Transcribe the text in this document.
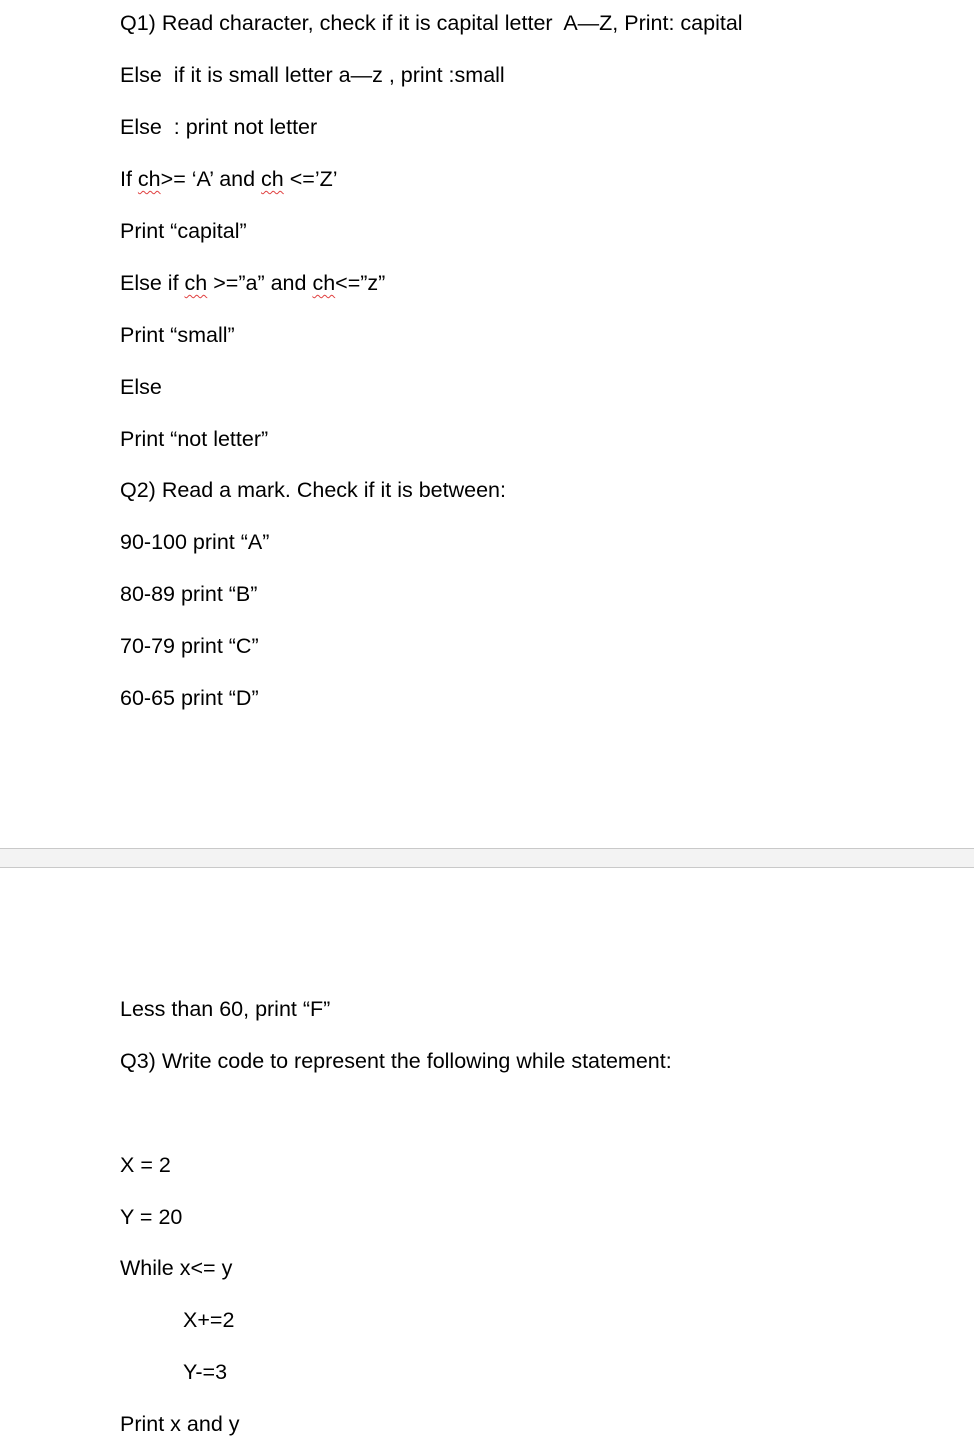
Q1) Read character, check if it is capital letter  A—Z, Print: capital
Else  if it is small letter a—z , print :small
Else  : print not letter
If ch>= ‘A’ and ch <=’Z’
Print “capital”
Else if ch >=”a” and ch<=”z”
Print “small”
Else
Print “not letter”
Q2) Read a mark. Check if it is between:
90-100 print “A”
80-89 print “B”
70-79 print “C”
60-65 print “D”
Less than 60, print “F”
Q3) Write code to represent the following while statement:
X = 2
Y = 20
While x<= y
X+=2
Y-=3
Print x and y
